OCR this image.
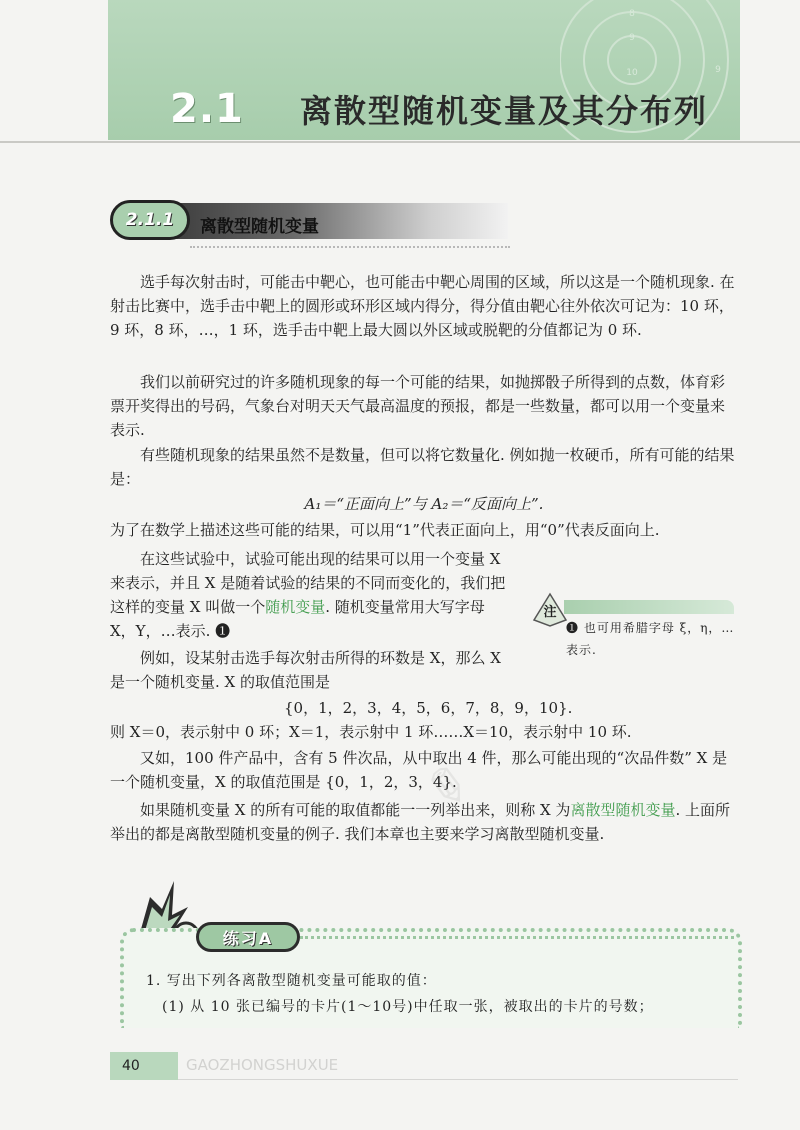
8
9
10	9
2.1 离散型随机变量及其分布列
2.1.1 离散型随机变量

选手每次射击时，可能击中靶心，也可能击中靶心周围的区域，所以这是一个随机现象. 在射击比赛中，选手击中靶上的圆形或环形区域内得分，得分值由靶心往外依次可记为：10 环，9 环，8 环，…，1 环，选手击中靶上最大圆以外区域或脱靶的分值都记为 0 环.

我们以前研究过的许多随机现象的每一个可能的结果，如抛掷骰子所得到的点数，体育彩票开奖得出的号码，气象台对明天天气最高温度的预报，都是一些数量，都可以用一个变量来表示.

有些随机现象的结果虽然不是数量，但可以将它数量化. 例如抛一枚硬币，所有可能的结果是：

A₁＝“正面向上”与 A₂＝“反面向上”.

为了在数学上描述这些可能的结果，可以用“1”代表正面向上，用“0”代表反面向上.

在这些试验中，试验可能出现的结果可以用一个变量 X 来表示，并且 X 是随着试验的结果的不同而变化的，我们把这样的变量 X 叫做一个随机变量. 随机变量常用大写字母 X，Y，…表示. ❶

例如，设某射击选手每次射击所得的环数是 X，那么 X 是一个随机变量. X 的取值范围是

{0，1，2，3，4，5，6，7，8，9，10}.

则 X＝0，表示射中 0 环；X＝1，表示射中 1 环……X＝10，表示射中 10 环.

又如，100 件产品中，含有 5 件次品，从中取出 4 件，那么可能出现的“次品件数” X 是一个随机变量，X 的取值范围是 {0，1，2，3，4}.

如果随机变量 X 的所有可能的取值都能一一列举出来，则称 X 为离散型随机变量. 上面所举出的都是离散型随机变量的例子. 我们本章也主要来学习离散型随机变量.

注
❶ 也可用希腊字母 ξ，η，…表示.
✎
练习A
1. 写出下列各离散型随机变量可能取的值：
(1) 从 10 张已编号的卡片(1～10号)中任取一张，被取出的卡片的号数；
40	GAOZHONGSHUXUE
